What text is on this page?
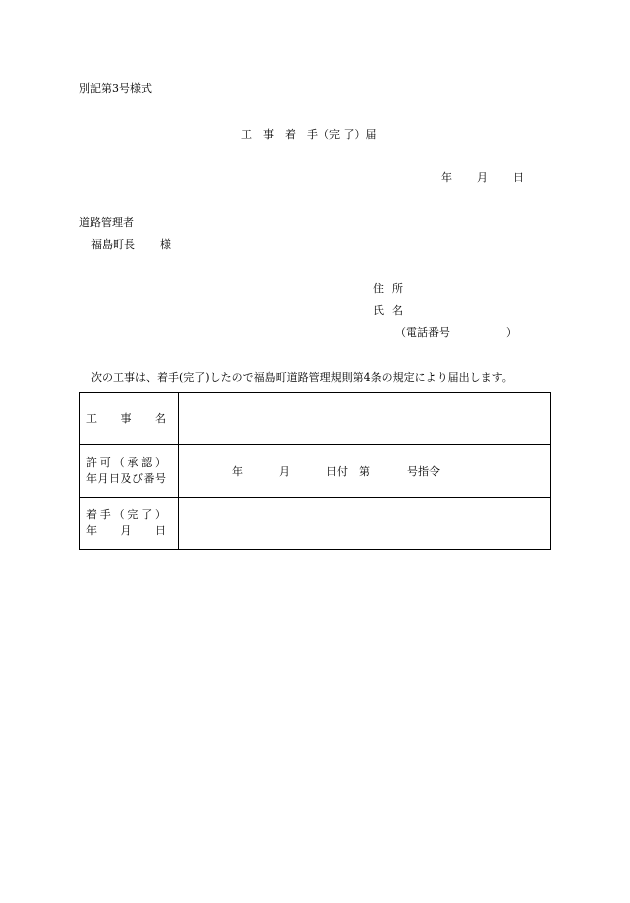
別記第3号様式
工　事　着　手（完 了）届
年 月 日
道路管理者
福島町長 様
住所
氏名
（電話番号	）
次の工事は、着手(完了)したので福島町道路管理規則第4条の規定により届出します。
工　事　名	

許可（承認）
年月日及び番号	年 月 日付 第 号指令

着手（完了）
年　月　日	
